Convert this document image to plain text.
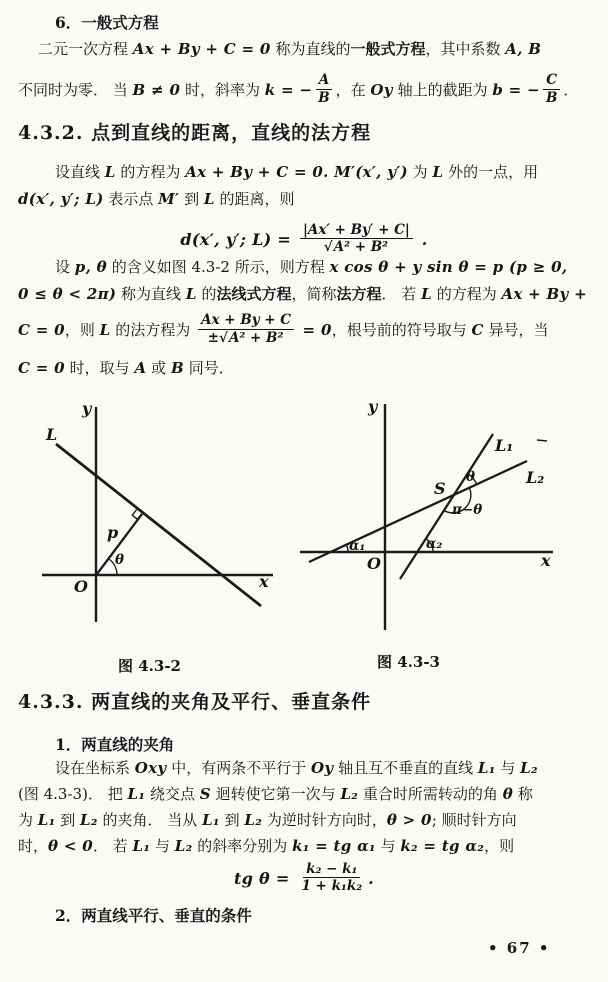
6．一般式方程
二元一次方程 Ax + By + C = 0 称为直线的一般式方程，其中系数 A, B
不同时为零． 当 B ≠ 0 时，斜率为 k = − $\frac{A}{B}$ ，在 Oy 轴上的截距为 b = − $\frac{C}{B}$ ．
4.3.2. 点到直线的距离，直线的法方程
设直线 L 的方程为 Ax + By + C = 0. M′(x′, y′) 为 L 外的一点，用
d(x′, y′; L) 表示点 M′ 到 L 的距离，则
d(x′, y′; $L) = \frac{|Ax' + By' + C|}{\text{√A² + B²}}$ .
设 p, θ 的含义如图 4.3-2 所示，则方程 x cos θ + y sin θ = p (p ≥ 0,
0 ≤ θ < 2π) 称为直线 L 的法线式方程，简称法方程． 若 L 的方程为 Ax + By +
C = 0，则 L 的法方程为 $\frac{Ax + By + C}{\text{±√A² + B²}} = 0$，根号前的符号取与 C 异号，当
C = 0 时，取与 A 或 B 同号．
y
x
O
L
p
θ
图 4.3-2
y
x
O
L₁
L₂
S
θ
π−θ
α₁	α₂
图 4.3-3
4.3.3. 两直线的夹角及平行、垂直条件
1．两直线的夹角
设在坐标系 Oxy 中，有两条不平行于 Oy 轴且互不垂直的直线 L₁ 与 L₂
(图 4.3-3)． 把 L₁ 绕交点 S 迴转使它第一次与 L₂ 重合时所需转动的角 θ 称
为 L₁ 到 L₂ 的夹角． 当从 L₁ 到 L₂ 为逆时针方向时，θ > 0; 顺时针方向
时，θ < 0． 若 L₁ 与 L₂ 的斜率分别为 k₁ = tg α₁ 与 k₂ = tg α₂，则
tg $\theta = \frac{\text{k₂ − k₁}}{\text{1 + k₁k₂}}$ .
2．两直线平行、垂直的条件
• 67 •
